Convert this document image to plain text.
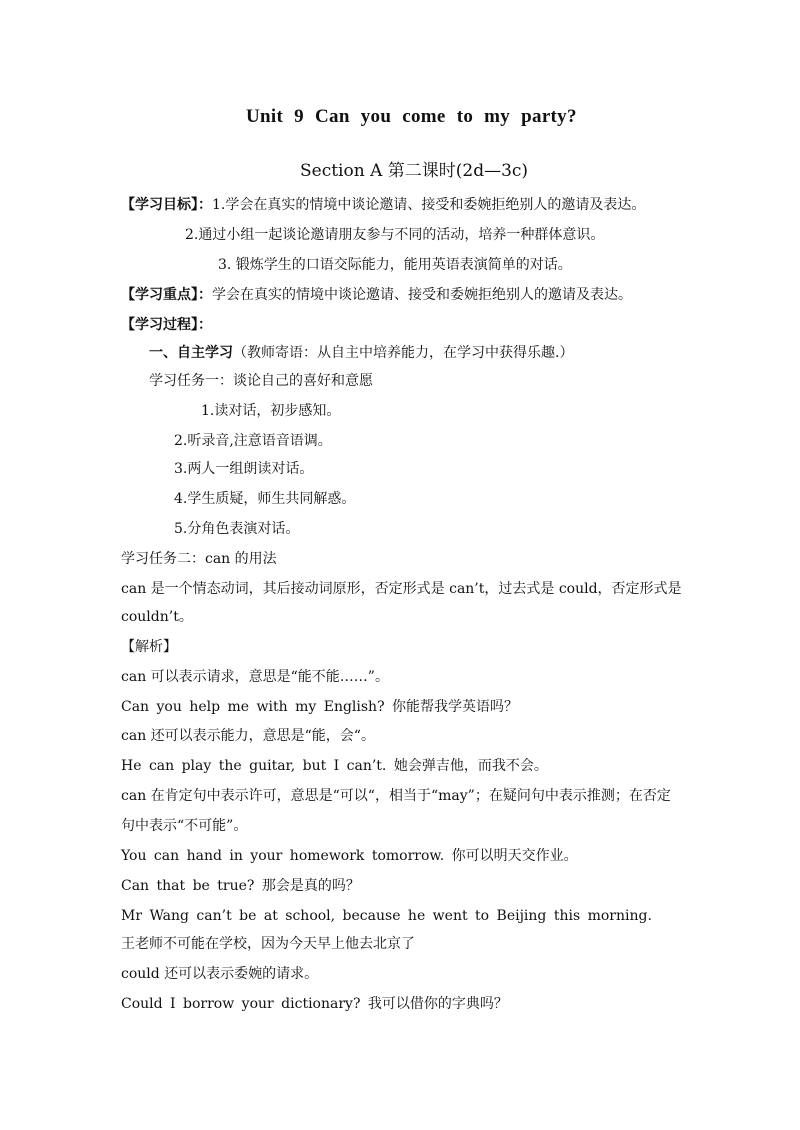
Unit 9 Can you come to my party?
Section A 第二课时(2d—3c)
【学习目标】：1.学会在真实的情境中谈论邀请、接受和委婉拒绝别人的邀请及表达。
2.通过小组一起谈论邀请朋友参与不同的活动，培养一种群体意识。
3. 锻炼学生的口语交际能力，能用英语表演简单的对话。
【学习重点】：学会在真实的情境中谈论邀请、接受和委婉拒绝别人的邀请及表达。
【学习过程】：
一、自主学习（教师寄语：从自主中培养能力，在学习中获得乐趣.）
学习任务一：谈论自己的喜好和意愿
1.读对话，初步感知。
2.听录音,注意语音语调。
3.两人一组朗读对话。
4.学生质疑，师生共同解惑。
5.分角色表演对话。
学习任务二：can 的用法
can 是一个情态动词，其后接动词原形，否定形式是 can’t，过去式是 could，否定形式是
couldn’t。
【解析】
can 可以表示请求，意思是“能不能……”。
Can you help me with my English? 你能帮我学英语吗？
can 还可以表示能力，意思是“能，会“。
He can play the guitar, but I can’t. 她会弹吉他，而我不会。
can 在肯定句中表示许可，意思是“可以“，相当于“may”；在疑问句中表示推测；在否定
句中表示“不可能”。
You can hand in your homework tomorrow. 你可以明天交作业。
Can that be true? 那会是真的吗？
Mr Wang can’t be at school, because he went to Beijing this morning.
王老师不可能在学校，因为今天早上他去北京了
could 还可以表示委婉的请求。
Could I borrow your dictionary? 我可以借你的字典吗？
